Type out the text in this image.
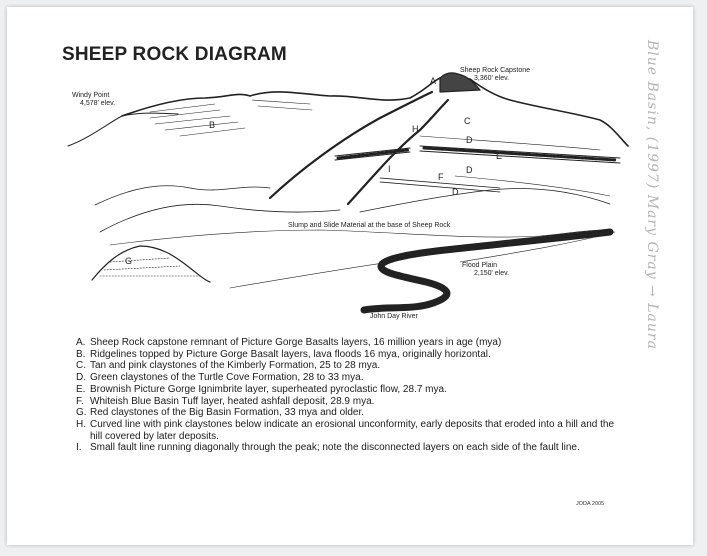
SHEEP ROCK DIAGRAM
Windy Point
4,578' elev.
Sheep Rock Capstone
3,360' elev.
Slump and Slide Material at the base of Sheep Rock
Flood Plain
2,150' elev.
John Day River
A
B	C
H
D
E
I	D
F
D
G
A. Sheep Rock capstone remnant of Picture Gorge Basalts layers, 16 million years in age (mya)
B. Ridgelines topped by Picture Gorge Basalt layers, lava floods 16 mya, originally horizontal.
C. Tan and pink claystones of the Kimberly Formation, 25 to 28 mya.
D. Green claystones of the Turtle Cove Formation, 28 to 33 mya.
E. Brownish Picture Gorge Ignimbrite layer, superheated pyroclastic flow, 28.7 mya.
F. Whiteish Blue Basin Tuff layer, heated ashfall deposit, 28.9 mya.
G. Red claystones of the Big Basin Formation, 33 mya and older.
H. Curved line with pink claystones below indicate an erosional unconformity, early deposits that eroded into a hill and the hill covered by later deposits.
I. Small fault line running diagonally through the peak; note the disconnected layers on each side of the fault line.
JODA 2005
Blue Basin, (1997) Mary Gray → Laura
